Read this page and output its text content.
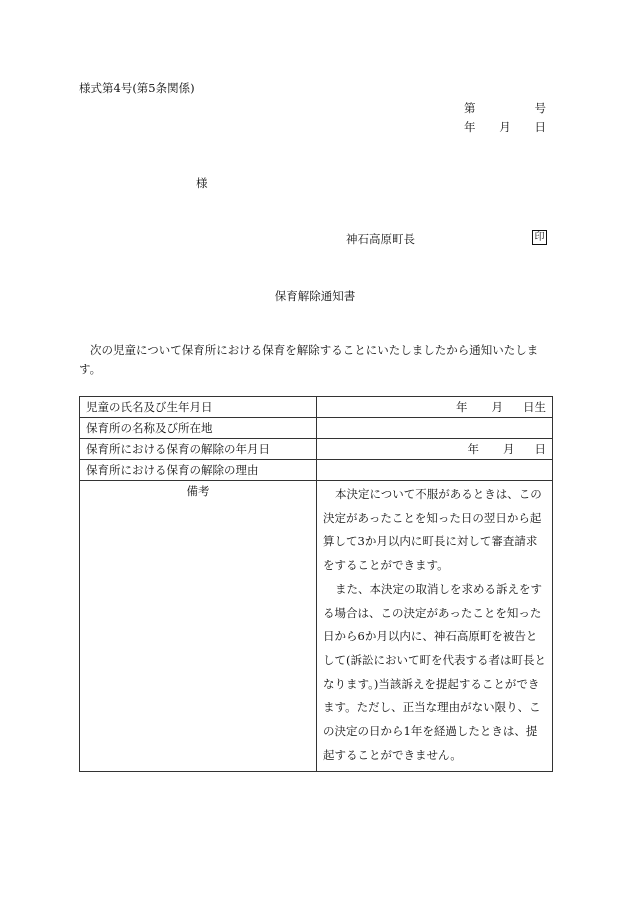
様式第4号(第5条関係)
第	号
年 月 日
様
神石高原町長	印
保育解除通知書
次の児童について保育所における保育を解除することにいたしましたから通知いたします。
児童の氏名及び生年月日	年 月 日生

保育所の名称及び所在地	
保育所における保育の解除の年月日	年 月 日

保育所における保育の解除の理由	
備考	本決定について不服があるときは、この決定があったことを知った日の翌日から起算して3か月以内に町長に対して審査請求をすることができます。

また、本決定の取消しを求める訴えをする場合は、この決定があったことを知った日から6か月以内に、神石高原町を被告として(訴訟において町を代表する者は町長となります。)当該訴えを提起することができます。ただし、正当な理由がない限り、この決定の日から1年を経過したときは、提起することができません。
